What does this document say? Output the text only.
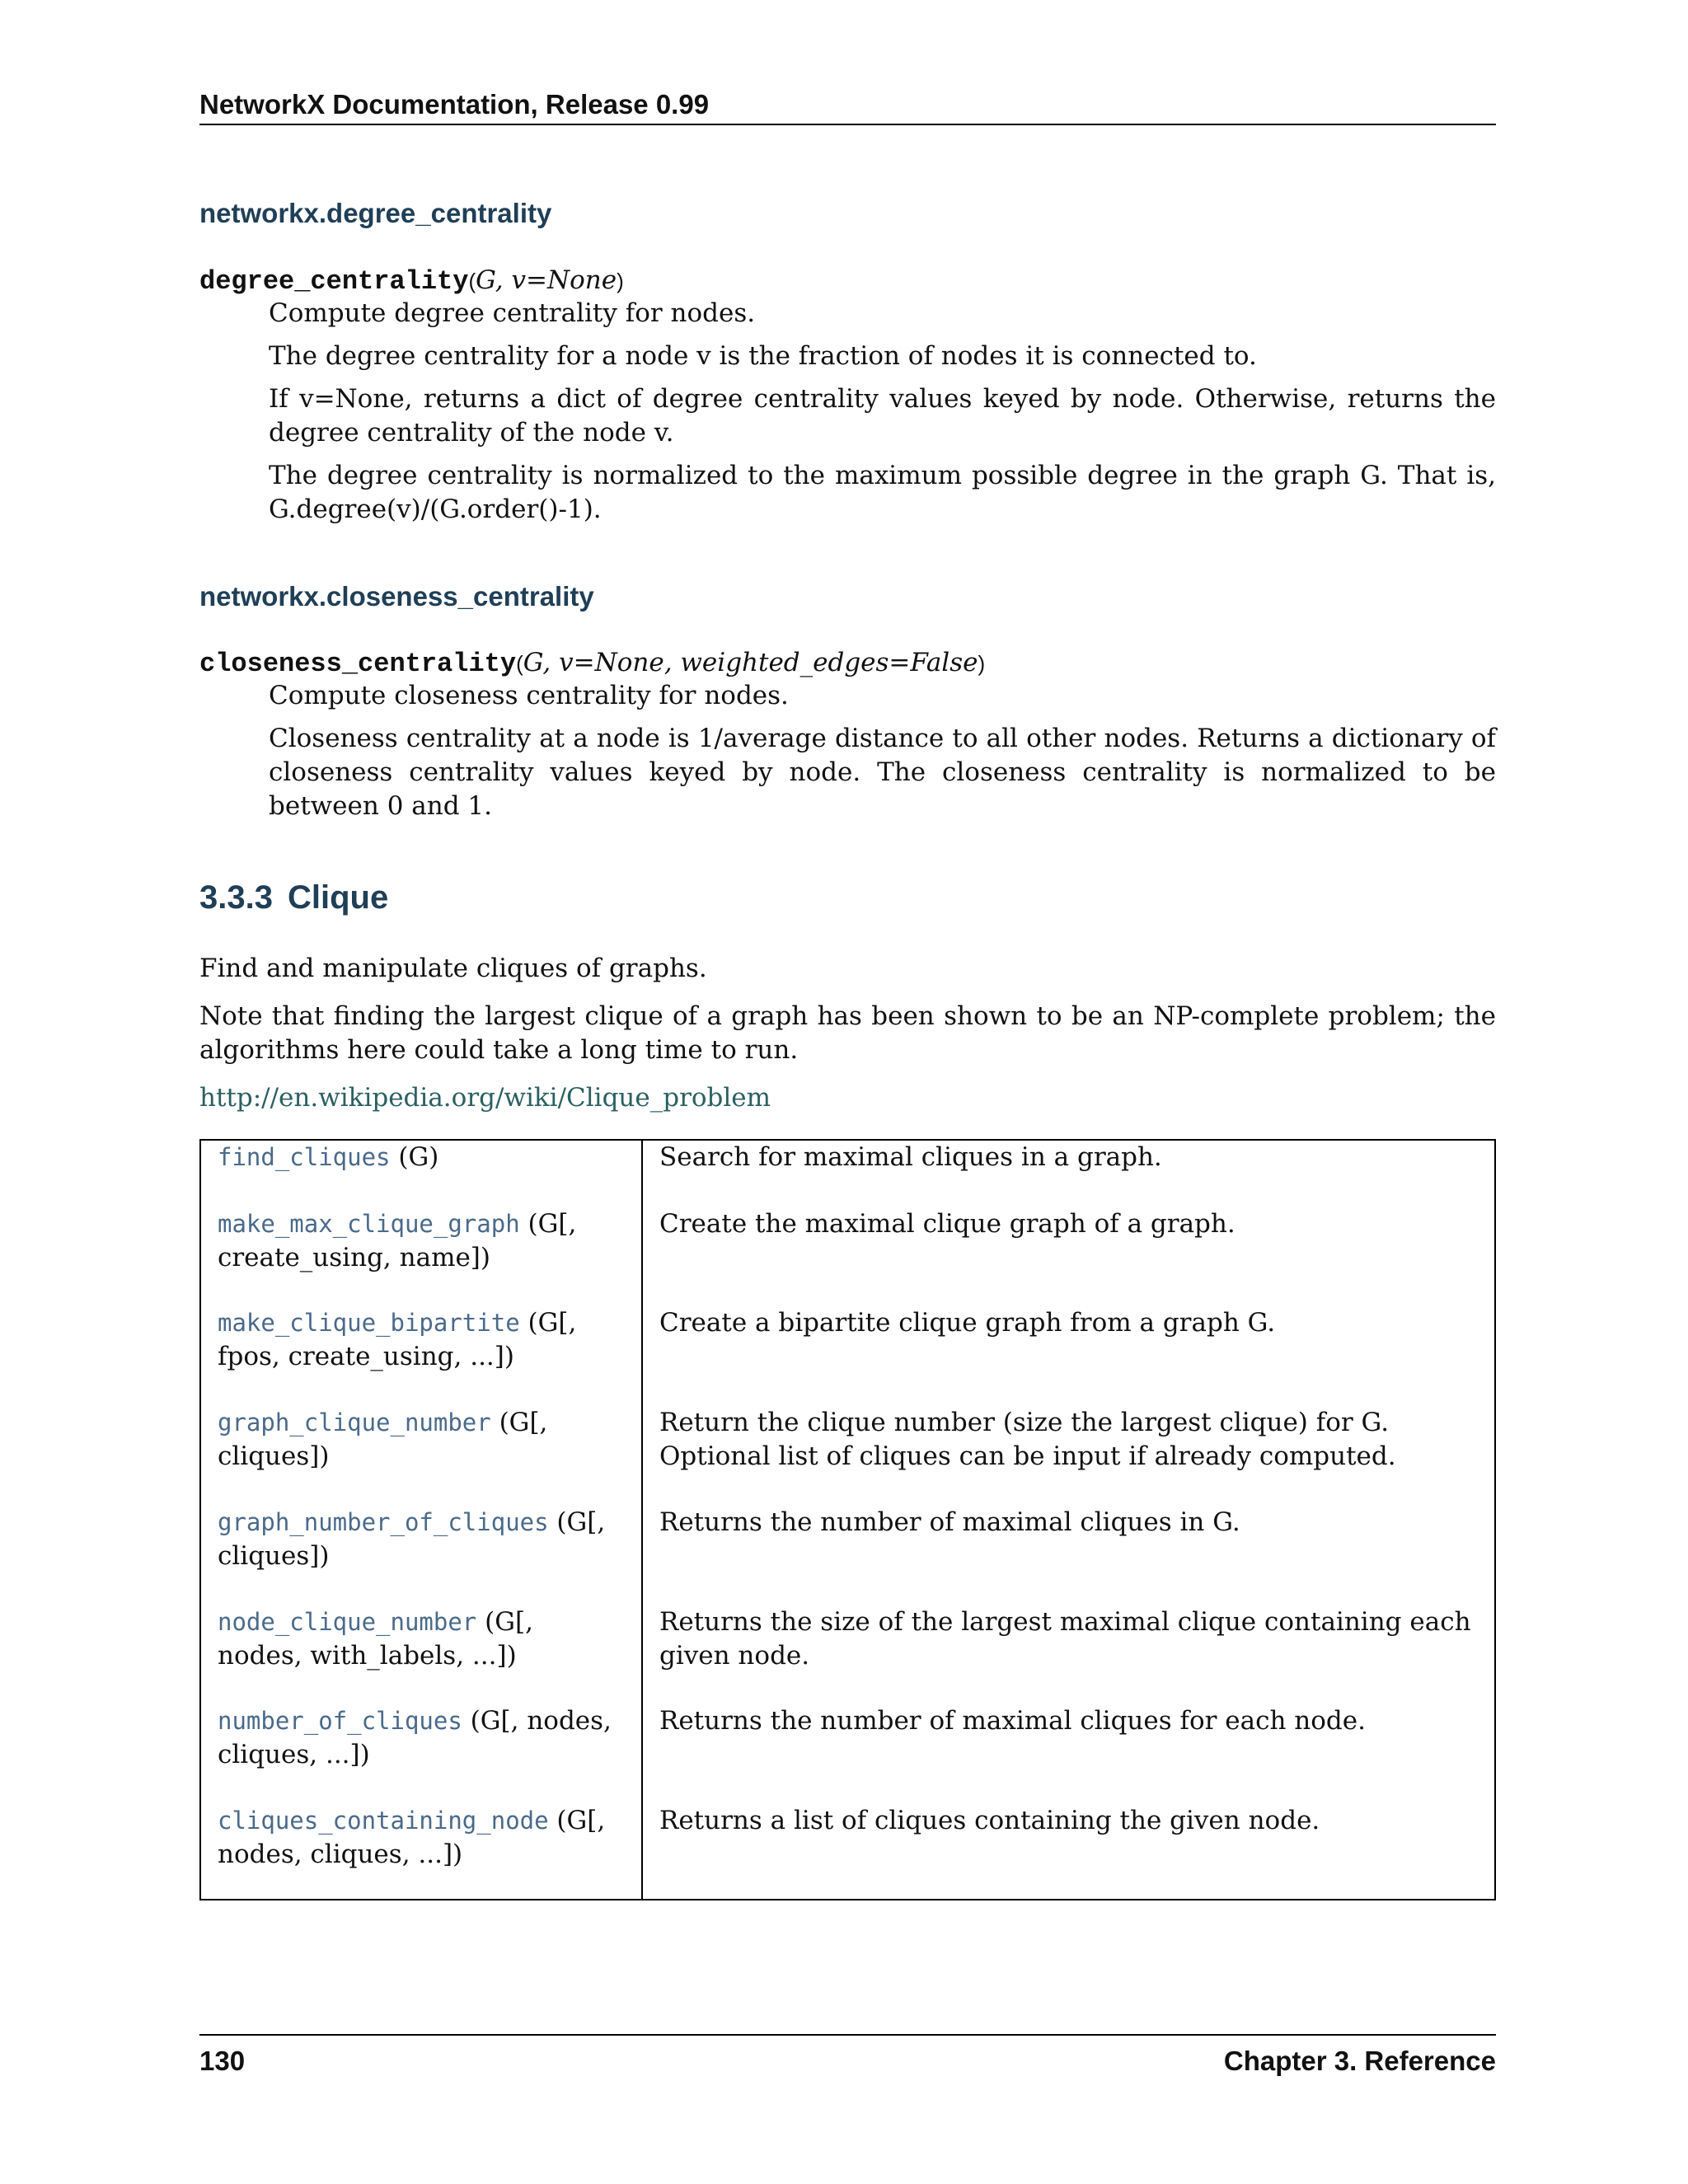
NetworkX Documentation, Release 0.99
networkx.degree_centrality
degree_centrality(G, v=None)

Compute degree centrality for nodes.

The degree centrality for a node v is the fraction of nodes it is connected to.

If v=None, returns a dict of degree centrality values keyed by node. Otherwise, returns the degree centrality of the node v.

The degree centrality is normalized to the maximum possible degree in the graph G. That is, G.degree(v)/(G.order()-1).

networkx.closeness_centrality
closeness_centrality(G, v=None, weighted_edges=False)

Compute closeness centrality for nodes.

Closeness centrality at a node is 1/average distance to all other nodes. Returns a dictionary of closeness centrality values keyed by node. The closeness centrality is normalized to be between 0 and 1.

3.3.3 Clique
Find and manipulate cliques of graphs.
Note that finding the largest clique of a graph has been shown to be an NP-complete problem; the algorithms here could take a long time to run.
http://en.wikipedia.org/wiki/Clique_problem
find_cliques (G)	Search for maximal cliques in a graph.
make_max_clique_graph (G[, create_using, name])	Create the maximal clique graph of a graph.
make_clique_bipartite (G[, fpos, create_using, ...])	Create a bipartite clique graph from a graph G.
graph_clique_number (G[, cliques])	Return the clique number (size the largest clique) for G. Optional list of cliques can be input if already computed.
graph_number_of_cliques (G[, cliques])	Returns the number of maximal cliques in G.
node_clique_number (G[, nodes, with_labels, ...])	Returns the size of the largest maximal clique containing each given node.
number_of_cliques (G[, nodes, cliques, ...])	Returns the number of maximal cliques for each node.
cliques_containing_node (G[, nodes, cliques, ...])	Returns a list of cliques containing the given node.
130	Chapter 3. Reference
